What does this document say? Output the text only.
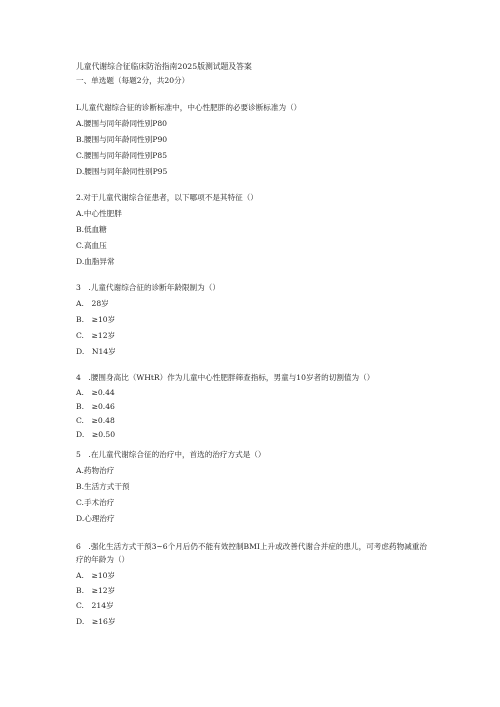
儿童代谢综合征临床防治指南2025版测试题及答案
一、单选题（每题2分，共20分）
L儿童代谢综合征的诊断标准中，中心性肥胖的必要诊断标准为（）
A.腰围与同年龄同性别P80
B.腰围与同年龄同性别P90
C.腰围与同年龄同性别P85
D.腰围与同年龄同性别P95
2.对于儿童代谢综合征患者，以下哪项不是其特征（）
A.中心性肥胖
B.低血糖
C.高血压
D.血脂异常
3　.儿童代谢综合征的诊断年龄限制为（）
A.　28岁
B.　≥10岁
C.　≥12岁
D.　N14岁
4　.腰围身高比（WHtR）作为儿童中心性肥胖筛查指标，男童与10岁者的切割值为（）
A.　≥0.44
B.　≥0.46
C.　≥0.48
D.　≥0.50
5　.在儿童代谢综合征的治疗中，首选的治疗方式是（）
A.药物治疗
B.生活方式干预
C.手术治疗
D.心理治疗
6　.强化生活方式干预3~6个月后仍不能有效控制BMI上升或改善代谢合并症的患儿，可考虑药物减重治疗的年龄为（）
A.　≥10岁
B.　≥12岁
C.　214岁
D.　≥16岁
